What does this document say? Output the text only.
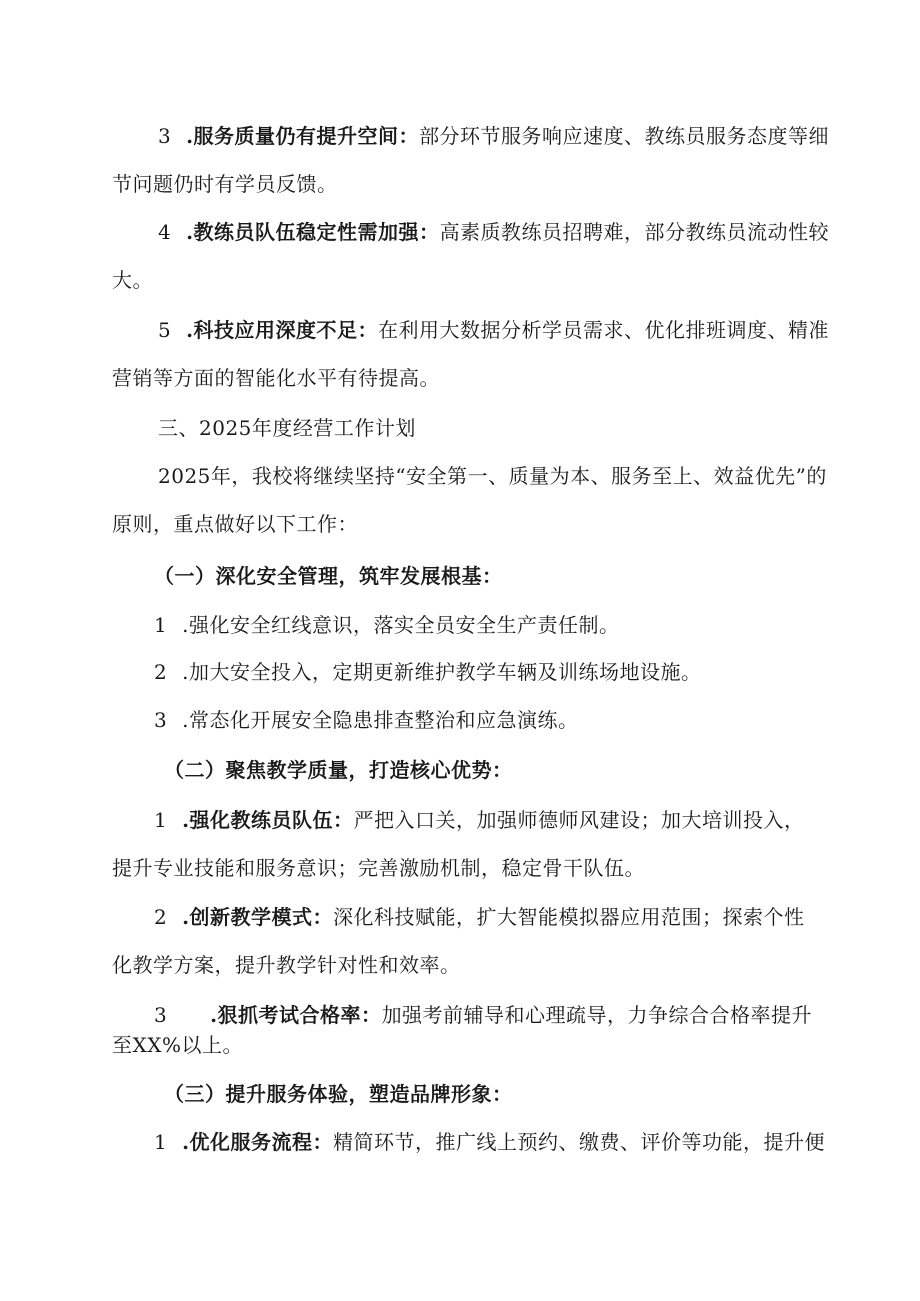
3 .服务质量仍有提升空间：部分环节服务响应速度、教练员服务态度等细
节问题仍时有学员反馈。
4 .教练员队伍稳定性需加强：高素质教练员招聘难，部分教练员流动性较
大。
5 .科技应用深度不足：在利用大数据分析学员需求、优化排班调度、精准
营销等方面的智能化水平有待提高。
三、2025年度经营工作计划
2025年，我校将继续坚持“安全第一、质量为本、服务至上、效益优先”的
原则，重点做好以下工作：
（一）深化安全管理，筑牢发展根基：
1 .强化安全红线意识，落实全员安全生产责任制。
2 .加大安全投入，定期更新维护教学车辆及训练场地设施。
3 .常态化开展安全隐患排查整治和应急演练。
（二）聚焦教学质量，打造核心优势：
1 .强化教练员队伍：严把入口关，加强师德师风建设；加大培训投入，
提升专业技能和服务意识；完善激励机制，稳定骨干队伍。
2 .创新教学模式：深化科技赋能，扩大智能模拟器应用范围；探索个性
化教学方案，提升教学针对性和效率。
3 .狠抓考试合格率：加强考前辅导和心理疏导，力争综合合格率提升
至XX%以上。
（三）提升服务体验，塑造品牌形象：
1 .优化服务流程：精简环节，推广线上预约、缴费、评价等功能，提升便
